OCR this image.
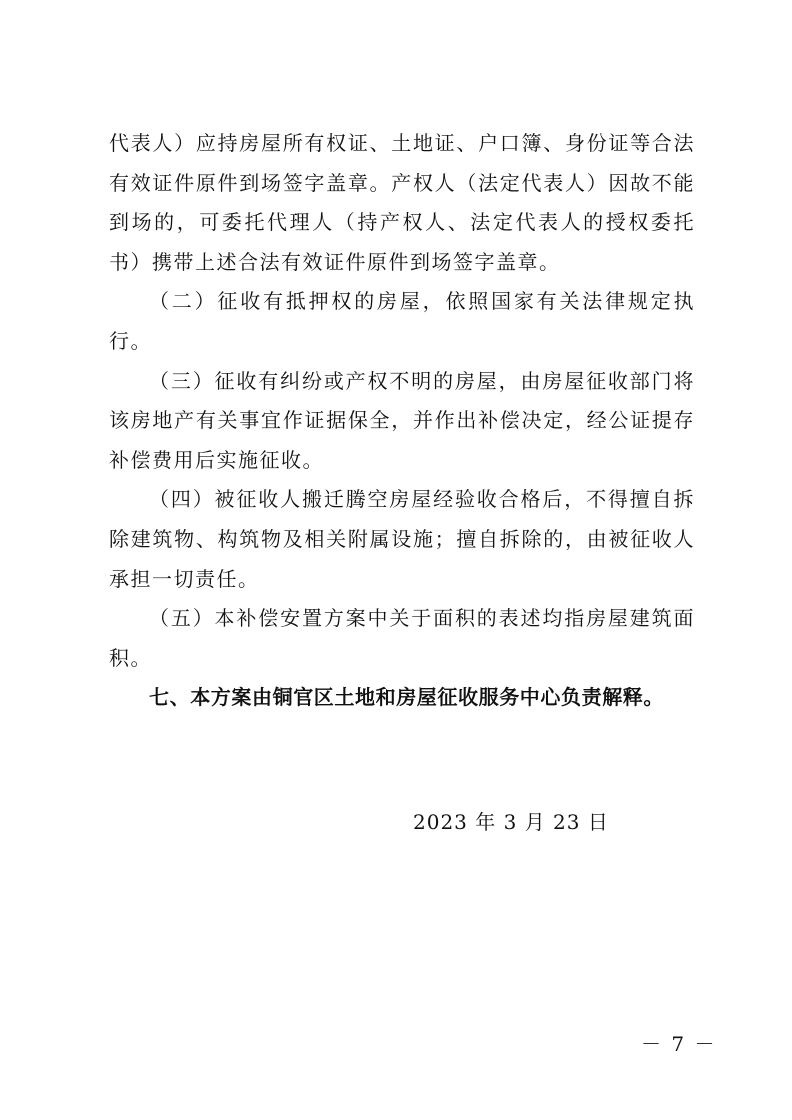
代表人）应持房屋所有权证、土地证、户口簿、身份证等合法有效证件原件到场签字盖章。产权人（法定代表人）因故不能到场的，可委托代理人（持产权人、法定代表人的授权委托书）携带上述合法有效证件原件到场签字盖章。

（二）征收有抵押权的房屋，依照国家有关法律规定执行。

（三）征收有纠纷或产权不明的房屋，由房屋征收部门将该房地产有关事宜作证据保全，并作出补偿决定，经公证提存补偿费用后实施征收。

（四）被征收人搬迁腾空房屋经验收合格后，不得擅自拆除建筑物、构筑物及相关附属设施；擅自拆除的，由被征收人承担一切责任。

（五）本补偿安置方案中关于面积的表述均指房屋建筑面积。

七、本方案由铜官区土地和房屋征收服务中心负责解释。

2023 年 3 月 23 日
－ 7 －
